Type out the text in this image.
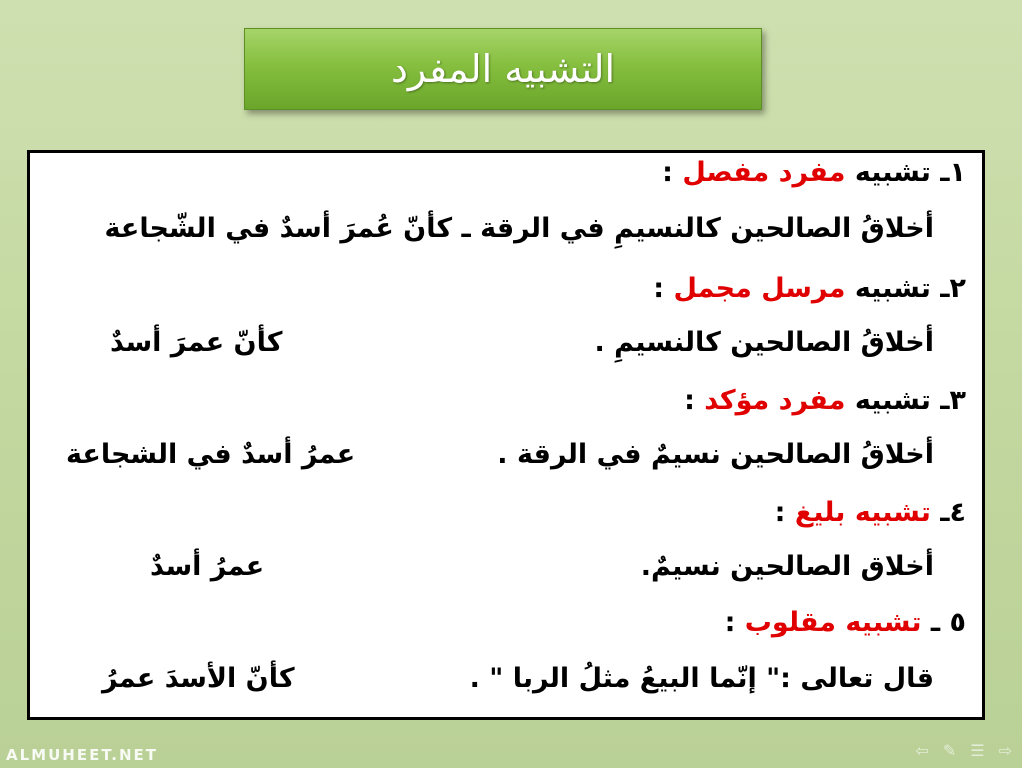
التشبيه المفرد
١ـ تشبيه مفرد مفصل :
أخلاقُ الصالحين كالنسيمِ في الرقة ـ كأنّ عُمرَ أسدٌ في الشّجاعة
٢ـ تشبيه مرسل مجمل :
أخلاقُ الصالحين كالنسيمِ .
كأنّ عمرَ أسدٌ
٣ـ تشبيه مفرد مؤكد :
أخلاقُ الصالحين نسيمٌ في الرقة .
عمرُ أسدٌ في الشجاعة
٤ـ تشبيه بليغ :
أخلاق الصالحين نسيمٌ.
عمرُ أسدٌ
٥ ـ تشبيه مقلوب :
قال تعالى :" إنّما البيعُ مثلُ الربا " .
كأنّ الأسدَ عمرُ
ALMUHEET.NET	⇦ ✎ ☰ ⇨
